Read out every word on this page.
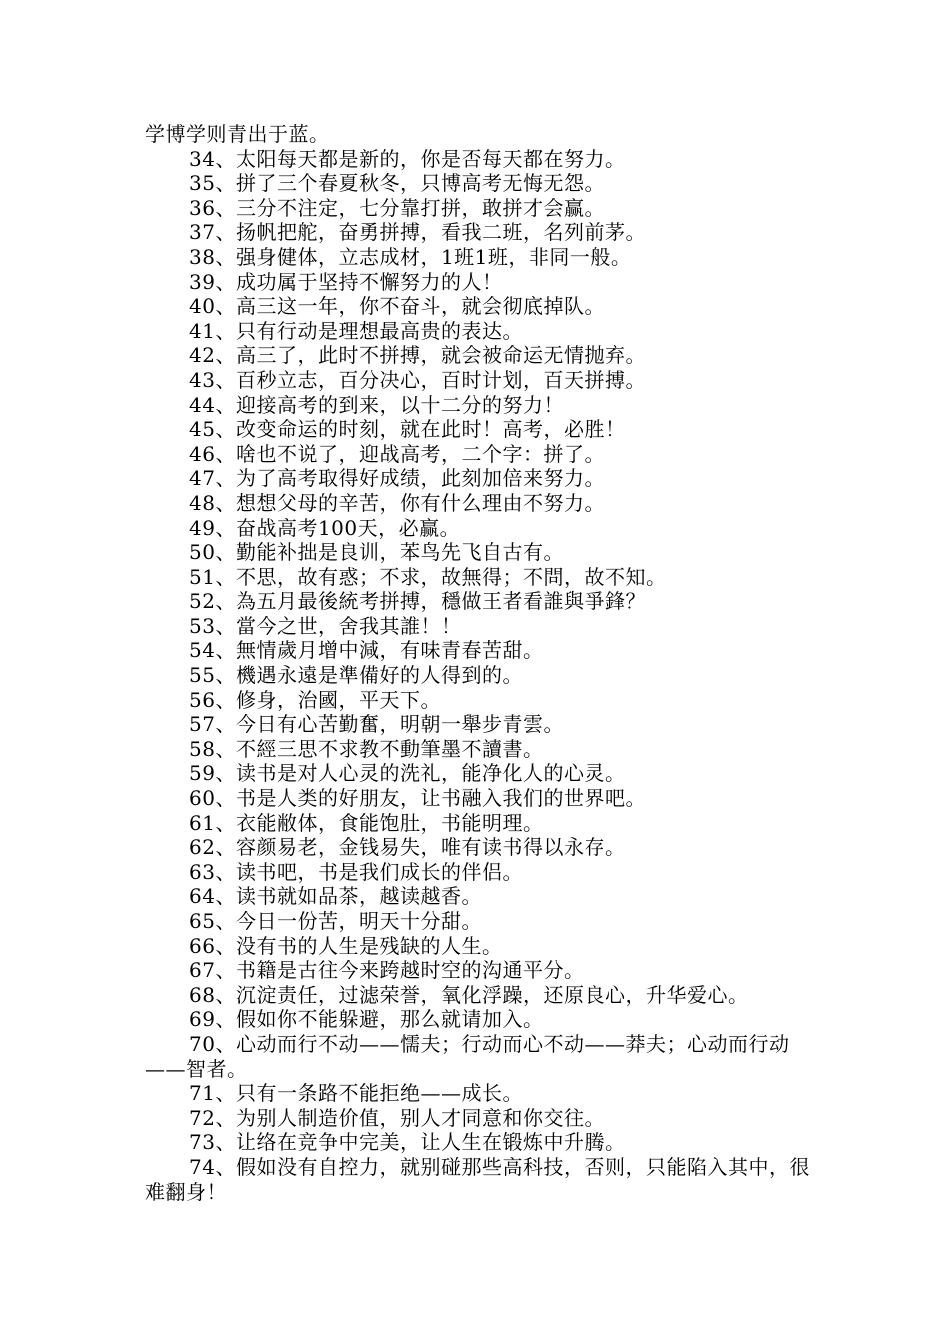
学博学则青出于蓝。

34、太阳每天都是新的，你是否每天都在努力。

35、拼了三个春夏秋冬，只博高考无悔无怨。

36、三分不注定，七分靠打拼，敢拼才会赢。

37、扬帆把舵，奋勇拼搏，看我二班，名列前茅。

38、强身健体，立志成材，1班1班，非同一般。

39、成功属于坚持不懈努力的人！

40、高三这一年，你不奋斗，就会彻底掉队。

41、只有行动是理想最高贵的表达。

42、高三了，此时不拼搏，就会被命运无情抛弃。

43、百秒立志，百分决心，百时计划，百天拼搏。

44、迎接高考的到来，以十二分的努力！

45、改变命运的时刻，就在此时！高考，必胜！

46、啥也不说了，迎战高考，二个字：拼了。

47、为了高考取得好成绩，此刻加倍来努力。

48、想想父母的辛苦，你有什么理由不努力。

49、奋战高考100天，必赢。

50、勤能补拙是良训，苯鸟先飞自古有。

51、不思，故有惑；不求，故無得；不問，故不知。

52、為五月最後統考拼搏，穩做王者看誰與爭鋒？

53、當今之世，舍我其誰！！

54、無情歲月增中減，有味青春苦甜。

55、機遇永遠是準備好的人得到的。

56、修身，治國，平天下。

57、今日有心苦勤奮，明朝一舉步青雲。

58、不經三思不求教不動筆墨不讀書。

59、读书是对人心灵的洗礼，能净化人的心灵。

60、书是人类的好朋友，让书融入我们的世界吧。

61、衣能敝体，食能饱肚，书能明理。

62、容颜易老，金钱易失，唯有读书得以永存。

63、读书吧，书是我们成长的伴侣。

64、读书就如品茶，越读越香。

65、今日一份苦，明天十分甜。

66、没有书的人生是残缺的人生。

67、书籍是古往今来跨越时空的沟通平分。

68、沉淀责任，过滤荣誉，氧化浮躁，还原良心，升华爱心。

69、假如你不能躲避，那么就请加入。

70、心动而行不动——懦夫；行动而心不动——莽夫；心动而行动——智者。

71、只有一条路不能拒绝——成长。

72、为别人制造价值，别人才同意和你交往。

73、让络在竞争中完美，让人生在锻炼中升腾。

74、假如没有自控力，就别碰那些高科技，否则，只能陷入其中，很难翻身！
